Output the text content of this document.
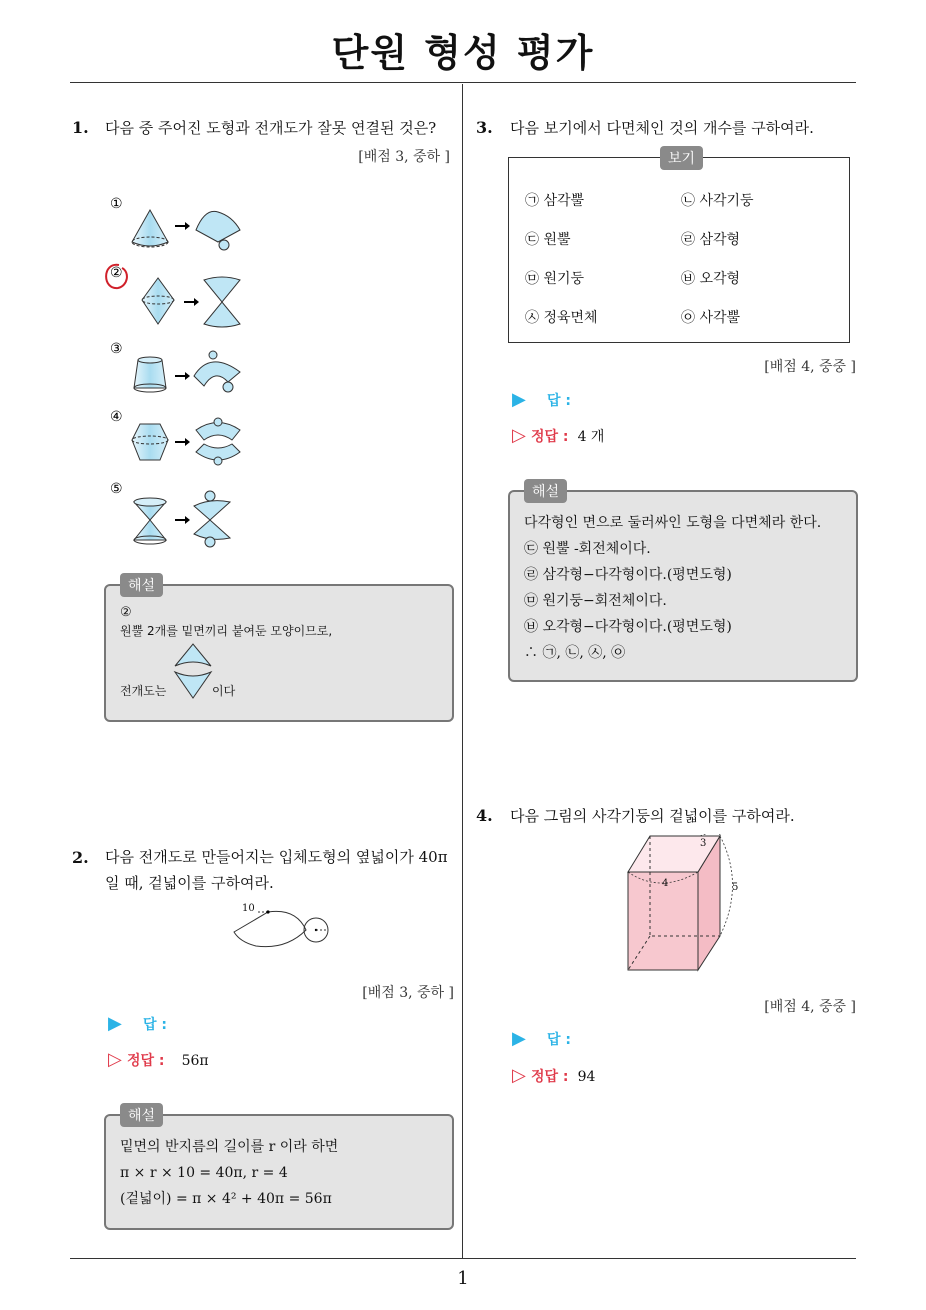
단원 형성 평가
1. 다음 중 주어진 도형과 전개도가 잘못 연결된 것은?
[배점 3, 중하 ]
①
②
③
④
⑤
②
원뿔 2개를 밑면끼리 붙여둔 모양이므로,
전개도는	이다
해설
2. 다음 전개도로 만들어지는 입체도형의 옆넓이가 40π
일 때, 겉넓이를 구하여라.
10
[배점 3, 중하 ]
▶ 답 :
▷ 정답 : 56π
밑면의 반지름의 길이를 r 이라 하면
π × r × 10 = 40π, r = 4
(겉넓이) = π × 4² + 40π = 56π
해설
3. 다음 보기에서 다면체인 것의 개수를 구하여라.
㉠ 삼각뿔	㉡ 사각기둥
㉢ 원뿔	㉣ 삼각형
㉤ 원기둥	㉥ 오각형
㉦ 정육면체	㉧ 사각뿔
보기
[배점 4, 중중 ]
▶ 답 :
▷ 정답 : 4 개
다각형인 면으로 둘러싸인 도형을 다면체라 한다.
㉢ 원뿔 -회전체이다.
㉣ 삼각형−다각형이다.(평면도형)
㉤ 원기둥−회전체이다.
㉥ 오각형−다각형이다.(평면도형)
∴ ㉠, ㉡, ㉦, ㉧
해설
4. 다음 그림의 사각기둥의 겉넓이를 구하여라.
3
4	5
[배점 4, 중중 ]
▶ 답 :
▷ 정답 : 94
1
